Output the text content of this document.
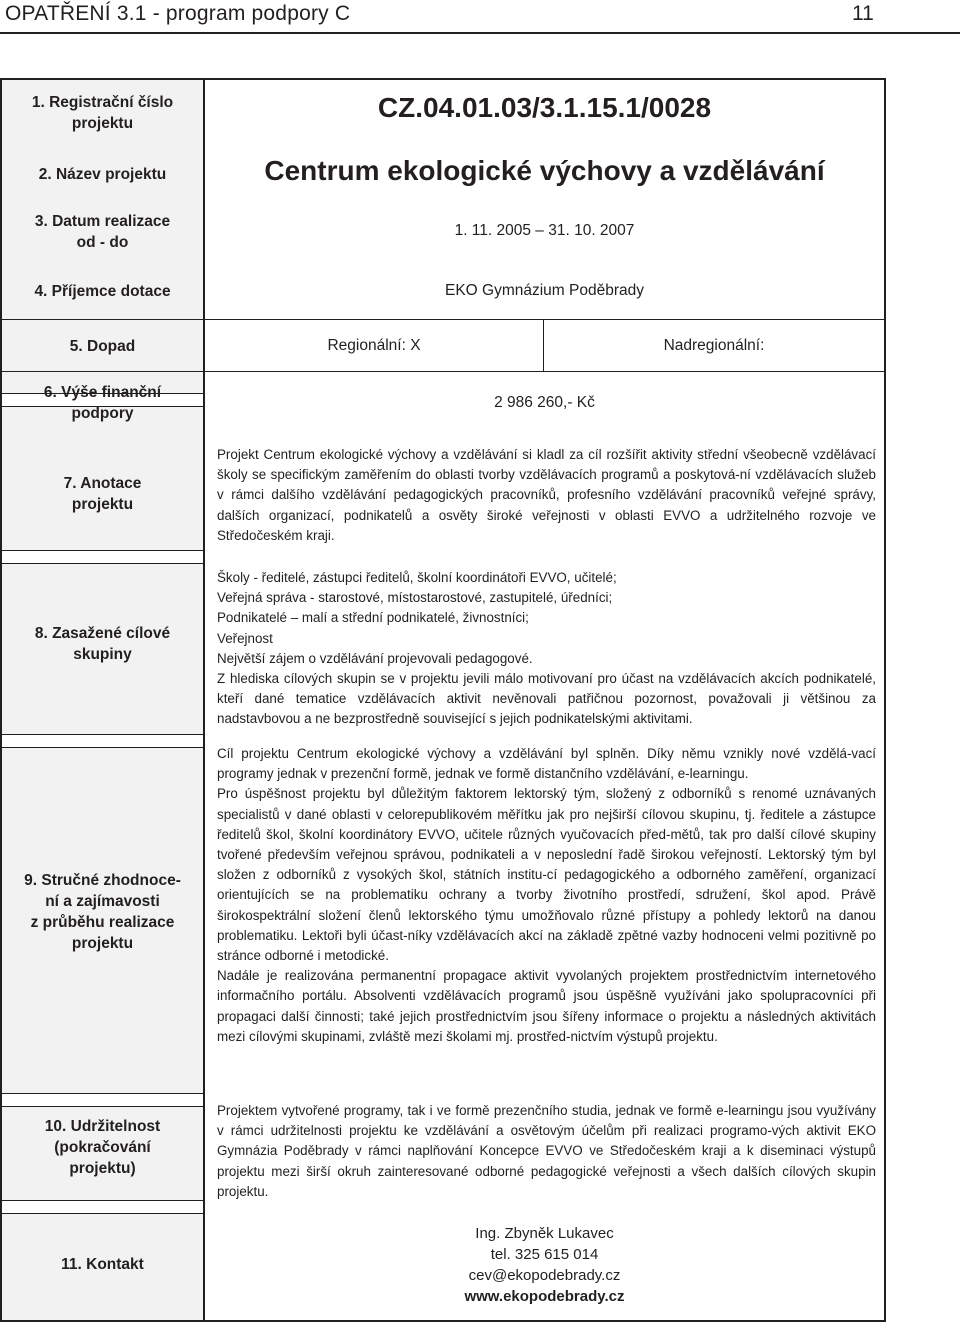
OPATŘENÍ 3.1 - program podpory C	11
1. Registrační číslo
projektu
2. Název projektu
3. Datum realizace
od - do
4. Příjemce dotace
5. Dopad
6. Výše finanční
podpory
7. Anotace
projektu
8. Zasažené cílové
skupiny
9. Stručné zhodnoce-
ní a zajímavosti
z průběhu realizace
projektu
10. Udržitelnost
(pokračování
projektu)
11. Kontakt
CZ.04.01.03/3.1.15.1/0028
Centrum ekologické výchovy a vzdělávání
1. 11. 2005 – 31. 10. 2007
EKO Gymnázium Poděbrady
Regionální: X	Nadregionální:
2 986 260,- Kč

Projekt Centrum ekologické výchovy a vzdělávání si kladl za cíl rozšířit aktivity střední všeobecně vzdělávací školy se specifickým zaměřením do oblasti tvorby vzdělávacích programů a poskytová-ní vzdělávacích služeb v rámci dalšího vzdělávání pedagogických pracovníků, profesního vzdělávání pracovníků veřejné správy, dalších organizací, podnikatelů a osvěty široké veřejnosti v oblasti EVVO a udržitelného rozvoje ve Středočeském kraji.

Školy - ředitelé, zástupci ředitelů, školní koordinátoři EVVO, učitelé;

Veřejná správa - starostové, místostarostové, zastupitelé, úředníci;

Podnikatelé – malí a střední podnikatelé, živnostníci;

Veřejnost

Největší zájem o vzdělávání projevovali pedagogové.

Z hlediska cílových skupin se v projektu jevili málo motivovaní pro účast na vzdělávacích akcích podnikatelé, kteří dané tematice vzdělávacích aktivit nevěnovali patřičnou pozornost, považovali ji většinou za nadstavbovou a ne bezprostředně související s jejich podnikatelskými aktivitami.

Cíl projektu Centrum ekologické výchovy a vzdělávání byl splněn. Díky němu vznikly nové vzdělá-vací programy jednak v prezenční formě, jednak ve formě distančního vzdělávání, e-learningu.

Pro úspěšnost projektu byl důležitým faktorem lektorský tým, složený z odborníků s renomé uznávaných specialistů v dané oblasti v celorepublikovém měřítku jak pro nejširší cílovou skupinu, tj. ředitele a zástupce ředitelů škol, školní koordinátory EVVO, učitele různých vyučovacích před-mětů, tak pro další cílové skupiny tvořené především veřejnou správou, podnikateli a v neposlední řadě širokou veřejností. Lektorský tým byl složen z odborníků z vysokých škol, státních institu-cí pedagogického a odborného zaměření, organizací orientujících se na problematiku ochrany a tvorby životního prostředí, sdružení, škol apod. Právě širokospektrální složení členů lektorského týmu umožňovalo různé přístupy a pohledy lektorů na danou problematiku. Lektoři byli účast-níky vzdělávacích akcí na základě zpětné vazby hodnoceni velmi pozitivně po stránce odborné i metodické.

Nadále je realizována permanentní propagace aktivit vyvolaných projektem prostřednictvím internetového informačního portálu. Absolventi vzdělávacích programů jsou úspěšně využíváni jako spolupracovníci při propagaci další činnosti; také jejich prostřednictvím jsou šířeny informace o projektu a následných aktivitách mezi cílovými skupinami, zvláště mezi školami mj. prostřed-nictvím výstupů projektu.

Projektem vytvořené programy, tak i ve formě prezenčního studia, jednak ve formě e-learningu jsou využívány v rámci udržitelnosti projektu ke vzdělávání a osvětovým účelům při realizaci programo-vých aktivit EKO Gymnázia Poděbrady v rámci naplňování Koncepce EVVO ve Středočeském kraji a k diseminaci výstupů projektu mezi širší okruh zainteresované odborné pedagogické veřejnosti a všech dalších cílových skupin projektu.

Ing. Zbyněk Lukavec
tel. 325 615 014
cev@ekopodebrady.cz
www.ekopodebrady.cz
